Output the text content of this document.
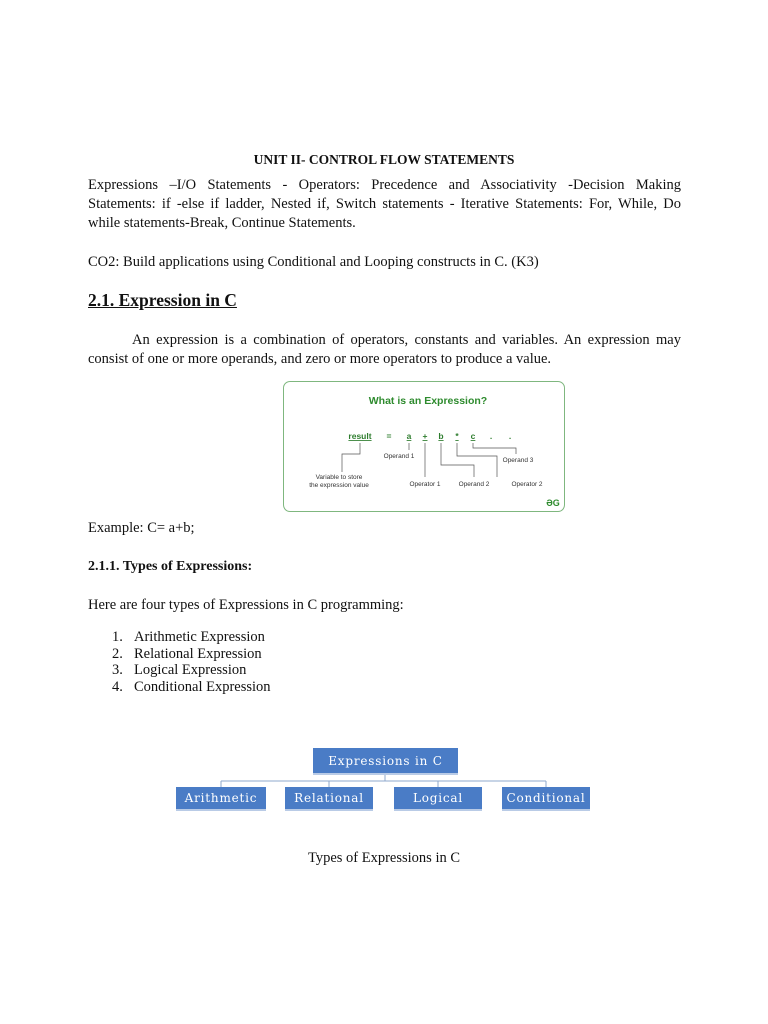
UNIT II- CONTROL FLOW STATEMENTS

Expressions –I/O Statements - Operators: Precedence and Associativity -Decision Making Statements: if -else if ladder, Nested if, Switch statements - Iterative Statements: For, While, Do while statements-Break, Continue Statements.

CO2: Build applications using Conditional and Looping constructs in C. (K3)

2.1. Expression in C

An expression is a combination of operators, constants and variables. An expression may consist of one or more operands, and zero or more operators to produce a value.

What is an Expression?
result = a + b * c . .
Operand 1
Operand 3
Variable to store
the expression value	Operator 1	Operand 2	Operator 2
ƏG

Example: C= a+b;

2.1.1. Types of Expressions:

Here are four types of Expressions in C programming:

1. Arithmetic Expression
2. Relational Expression
3. Logical Expression
4. Conditional Expression
Expressions in C
Arithmetic	Relational	Logical	Conditional

Types of Expressions in C
